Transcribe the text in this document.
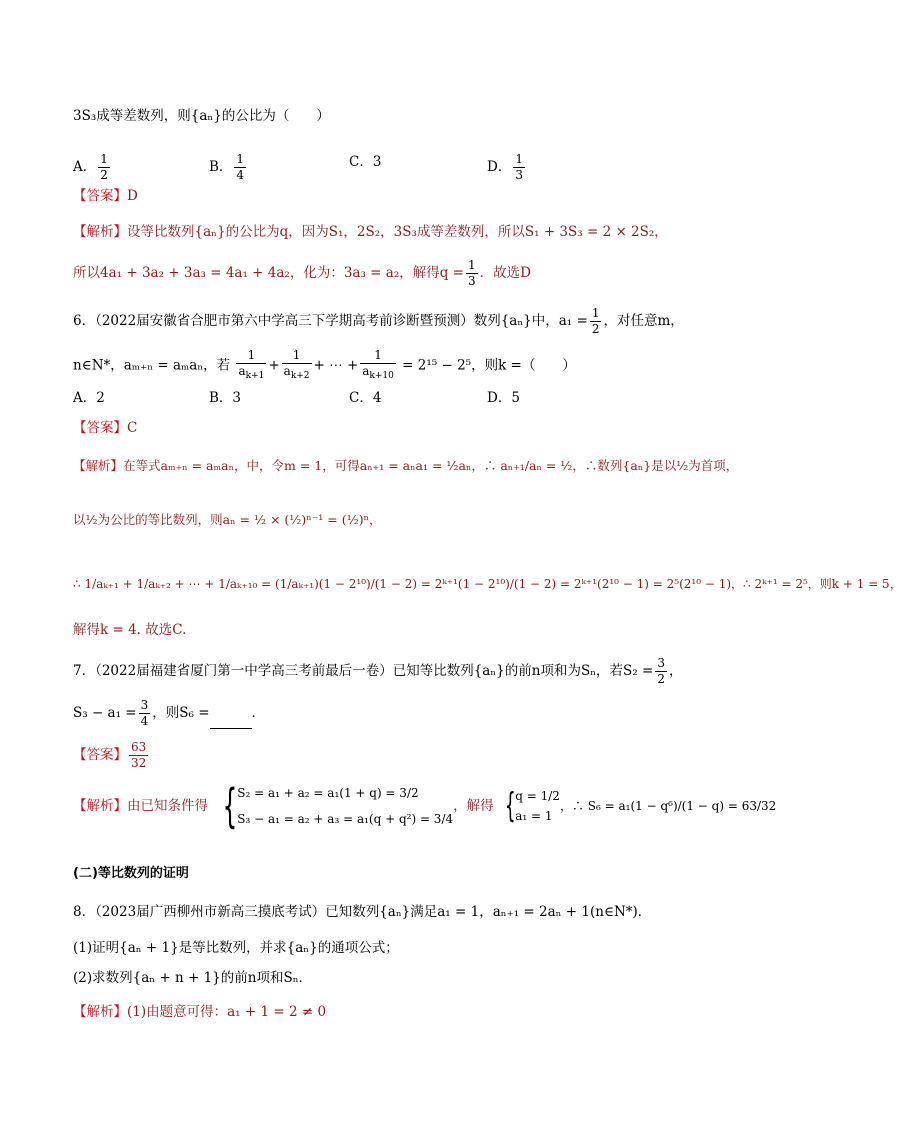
3S₃成等差数列，则{aₙ}的公比为（　　）
A． $\frac{1}{2}$	B． $\frac{1}{4}$	C．3	D． $\frac{1}{3}$
【答案】D
【解析】设等比数列{aₙ}的公比为q，因为S₁，2S₂，3S₃成等差数列，所以S₁ + 3S₃ = 2 × 2S₂，
所以4a₁ + 3a₂ + 3a₃ = 4a₁ + 4a₂，化为：3a₃ = a₂，解得$q = \frac{1}{3}$ ．故选D
6．（2022届安徽省合肥市第六中学高三下学期高考前诊断暨预测）数列{aₙ}中，$a_1 = \frac{1}{2}$ ，对任意m，
n∈N*，aₘ₊ₙ = aₘaₙ，若 $\frac{1}{a_{k+1}} + \frac{1}{a_{k+2}}$ + ⋯ + $\frac{1}{a_{k+10}} = 2^{15} - 2^5$，则k =（　　）
A．2	B．3	C．4	D．5
【答案】C
【解析】在等式aₘ₊ₙ = aₘaₙ，中，令m = 1，可得aₙ₊₁ = aₙa₁ = ½aₙ，∴ aₙ₊₁/aₙ = ½，∴数列{aₙ}是以½为首项，
以½为公比的等比数列，则aₙ = ½ × (½)ⁿ⁻¹ = (½)ⁿ，
∴ 1/aₖ₊₁ + 1/aₖ₊₂ + ⋯ + 1/aₖ₊₁₀ = (1/aₖ₊₁)(1 − 2¹⁰)/(1 − 2) = 2ᵏ⁺¹(1 − 2¹⁰)/(1 − 2) = 2ᵏ⁺¹(2¹⁰ − 1) = 2⁵(2¹⁰ − 1)，∴ 2ᵏ⁺¹ = 2⁵，则k + 1 = 5，
解得k = 4. 故选C.
7．（2022届福建省厦门第一中学高三考前最后一卷）已知等比数列{aₙ}的前n项和为Sₙ，若$S_2 = \frac{3}{2}$ ，
$S_3 - a_1 = \frac{3}{4}$ ，则S₆ =	．
【答案】 $\frac{63}{32}$
【解析】由已知条件得 { S₂ = a₁ + a₂ = a₁(1 + q) = 3/2
S₃ − a₁ = a₂ + a₃ = a₁(q + q²) = 3/4
，解得 { q = 1/2
a₁ = 1
，∴ S₆ = a₁(1 − q⁶)/(1 − q) = 63/32
(二)等比数列的证明
8．（2023届广西柳州市新高三摸底考试）已知数列{aₙ}满足a₁ = 1，aₙ₊₁ = 2aₙ + 1(n∈N*)．
(1)证明{aₙ + 1}是等比数列，并求{aₙ}的通项公式；
(2)求数列{aₙ + n + 1}的前n项和Sₙ．
【解析】(1)由题意可得：a₁ + 1 = 2 ≠ 0
